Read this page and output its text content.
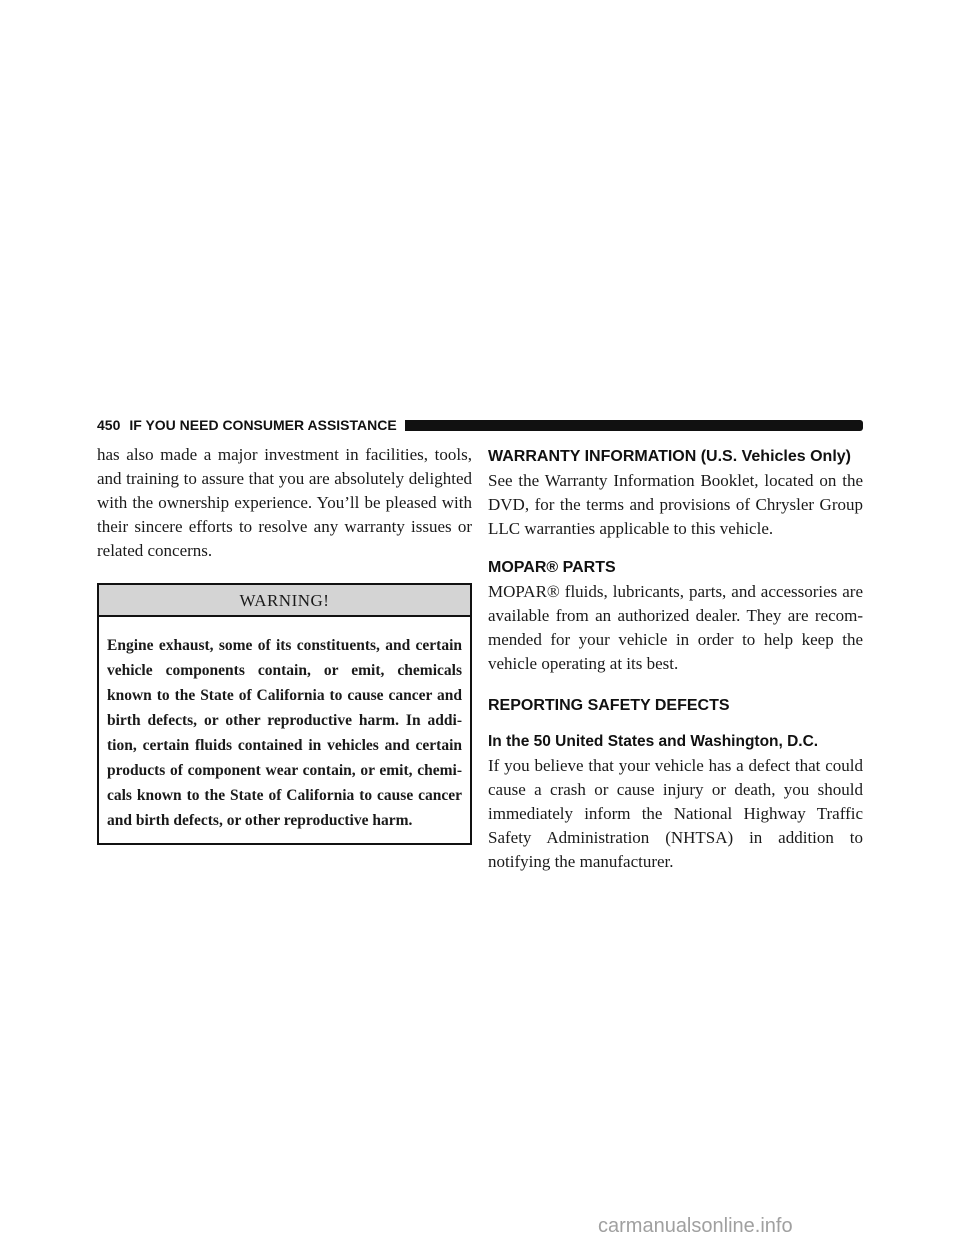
450 IF YOU NEED CONSUMER ASSISTANCE

has also made a major investment in facilities, tools, and training to assure that you are absolutely delighted with the ownership experience. You’ll be pleased with their sincere efforts to resolve any warranty issues or related concerns.

WARNING!
Engine exhaust, some of its constituents, and certain vehicle components contain, or emit, chemicals known to the State of California to cause cancer and birth defects, or other reproductive harm. In addi-tion, certain fluids contained in vehicles and certain products of component wear contain, or emit, chemi-cals known to the State of California to cause cancer and birth defects, or other reproductive harm.
WARRANTY INFORMATION (U.S. Vehicles Only)

See the Warranty Information Booklet, located on the DVD, for the terms and provisions of Chrysler Group LLC warranties applicable to this vehicle.

MOPAR® PARTS

MOPAR® fluids, lubricants, parts, and accessories are available from an authorized dealer. They are recom-mended for your vehicle in order to help keep the vehicle operating at its best.

REPORTING SAFETY DEFECTS
In the 50 United States and Washington, D.C.

If you believe that your vehicle has a defect that could cause a crash or cause injury or death, you should immediately inform the National Highway Traffic Safety Administration (NHTSA) in addition to notifying the manufacturer.

carmanualsonline.info
